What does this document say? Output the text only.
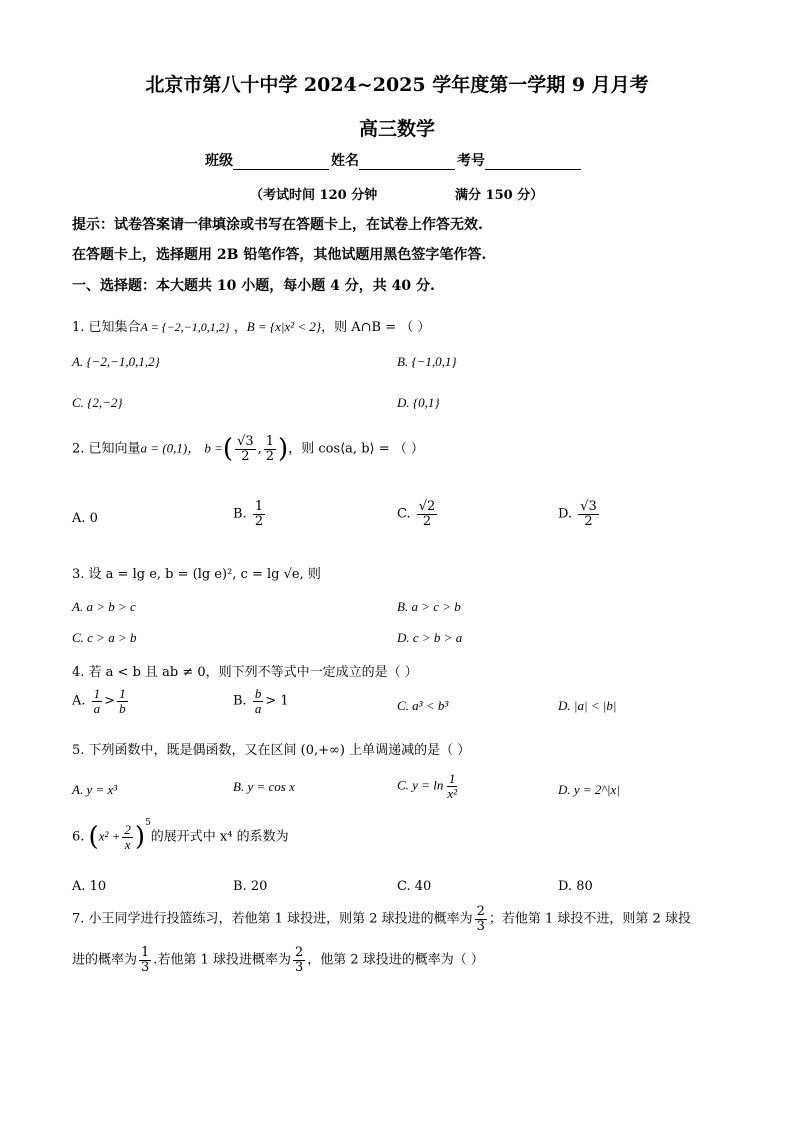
北京市第八十中学 2024~2025 学年度第一学期 9 月月考
高三数学
班级	姓名	考号
（考试时间 120 分钟	满分 150 分）
提示：试卷答案请一律填涂或书写在答题卡上，在试卷上作答无效.
在答题卡上，选择题用 2B 铅笔作答，其他试题用黑色签字笔作答.
一、选择题：本大题共 10 小题，每小题 4 分，共 40 分.
1. 已知集合A = {−2,−1,0,1,2} ，B = {x|x² < 2}，则 A∩B = （ ）
A. {−2,−1,0,1,2}	B. {−1,0,1}
C. {2,−2}	D. {0,1}
2. 已知向量a = (0,1)， b =( $\frac{√3}{2}$ , $\frac{1}{2}$ )，则 cos⟨a, b⟩ = （ ）
A. 0	B. $\frac{1}{2}$	C. $\frac{√2}{2}$	D. $\frac{√3}{2}$
3. 设 a = lg e, b = (lg e)², c = lg √e, 则
A. a > b > c	B. a > c > b
C. c > a > b	D. c > b > a
4. 若 a < b 且 ab ≠ 0，则下列不等式中一定成立的是（ ）
A. $\frac{1}{a} > \frac{1}{b}$	B. $\frac{b}{a} > 1$	C. a³ < b³	D. |a| < |b|
5. 下列函数中，既是偶函数，又在区间 (0,+∞) 上单调递减的是（ ）
A. y = x³	B. y = cos x	C. $y = \ln \frac{1}{\text{x²}}$	D. y = 2^|x|
6. $(x^2 + \frac{2}{x} )^5$的展开式中 x⁴ 的系数为
A. 10	B. 20	C. 40	D. 80
7. 小王同学进行投篮练习，若他第 1 球投进，则第 2 球投进的概率为 $\frac{2}{3}$ ；若他第 1 球投不进，则第 2 球投
进的概率为 $\frac{1}{3}$ .若他第 1 球投进概率为 $\frac{2}{3}$ ，他第 2 球投进的概率为（ ）
